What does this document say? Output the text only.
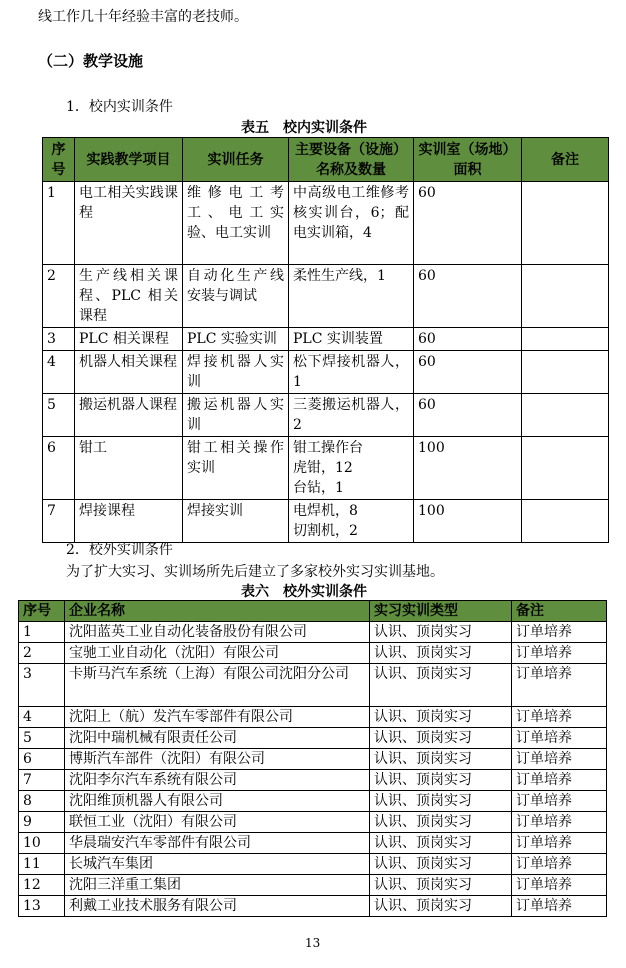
线工作几十年经验丰富的老技师。
（二）教学设施
1．校内实训条件
表五　校内实训条件
序号	实践教学项目	实训任务	主要设备（设施）名称及数量	实训室（场地）面积	备注
1	电工相关实践课程	维修电工考工、电工实验、电工实训	中高级电工维修考核实训台，6；配电实训箱，4	60	
2	生产线相关课程、PLC 相关课程	自动化生产线安装与调试	柔性生产线，1	60	
3	PLC 相关课程	PLC 实验实训	PLC 实训装置	60	
4	机器人相关课程	焊接机器人实训	松下焊接机器人，1	60	
5	搬运机器人课程	搬运机器人实训	三菱搬运机器人，2	60	
6	钳工	钳工相关操作实训	钳工操作台
虎钳，12
台钻，1	100	
7	焊接课程	焊接实训	电焊机，8
切割机，2	100	
2．校外实训条件
为了扩大实习、实训场所先后建立了多家校外实习实训基地。
表六　校外实训条件
序号	企业名称	实习实训类型	备注
1	沈阳蓝英工业自动化装备股份有限公司	认识、顶岗实习	订单培养
2	宝驰工业自动化（沈阳）有限公司	认识、顶岗实习	订单培养
3	卡斯马汽车系统（上海）有限公司沈阳分公司	认识、顶岗实习	订单培养
4	沈阳上（航）发汽车零部件有限公司	认识、顶岗实习	订单培养
5	沈阳中瑞机械有限责任公司	认识、顶岗实习	订单培养
6	博斯汽车部件（沈阳）有限公司	认识、顶岗实习	订单培养
7	沈阳李尔汽车系统有限公司	认识、顶岗实习	订单培养
8	沈阳维顶机器人有限公司	认识、顶岗实习	订单培养
9	联恒工业（沈阳）有限公司	认识、顶岗实习	订单培养
10	华晨瑞安汽车零部件有限公司	认识、顶岗实习	订单培养
11	长城汽车集团	认识、顶岗实习	订单培养
12	沈阳三洋重工集团	认识、顶岗实习	订单培养
13	利戴工业技术服务有限公司	认识、顶岗实习	订单培养
13
